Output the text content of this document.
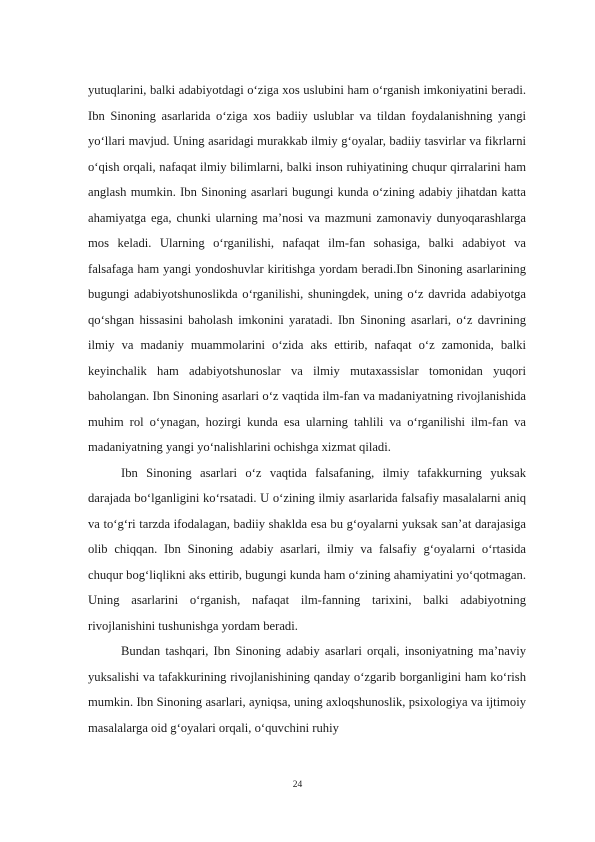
yutuqlarini, balki adabiyotdagi o‘ziga xos uslubini ham o‘rganish imkoniyatini beradi. Ibn Sinoning asarlarida o‘ziga xos badiiy uslublar va tildan foydalanishning yangi yo‘llari mavjud. Uning asaridagi murakkab ilmiy g‘oyalar, badiiy tasvirlar va fikrlarni o‘qish orqali, nafaqat ilmiy bilimlarni, balki inson ruhiyatining chuqur qirralarini ham anglash mumkin. Ibn Sinoning asarlari bugungi kunda o‘zining adabiy jihatdan katta ahamiyatga ega, chunki ularning ma’nosi va mazmuni zamonaviy dunyoqarashlarga mos keladi. Ularning o‘rganilishi, nafaqat ilm-fan sohasiga, balki adabiyot va falsafaga ham yangi yondoshuvlar kiritishga yordam beradi.Ibn Sinoning asarlarining bugungi adabiyotshunoslikda o‘rganilishi, shuningdek, uning o‘z davrida adabiyotga qo‘shgan hissasini baholash imkonini yaratadi. Ibn Sinoning asarlari, o‘z davrining ilmiy va madaniy muammolarini o‘zida aks ettirib, nafaqat o‘z zamonida, balki keyinchalik ham adabiyotshunoslar va ilmiy mutaxassislar tomonidan yuqori baholangan. Ibn Sinoning asarlari o‘z vaqtida ilm-fan va madaniyatning rivojlanishida muhim rol o‘ynagan, hozirgi kunda esa ularning tahlili va o‘rganilishi ilm-fan va madaniyatning yangi yo‘nalishlarini ochishga xizmat qiladi.

Ibn Sinoning asarlari o‘z vaqtida falsafaning, ilmiy tafakkurning yuksak darajada bo‘lganligini ko‘rsatadi. U o‘zining ilmiy asarlarida falsafiy masalalarni aniq va to‘g‘ri tarzda ifodalagan, badiiy shaklda esa bu g‘oyalarni yuksak san’at darajasiga olib chiqqan. Ibn Sinoning adabiy asarlari, ilmiy va falsafiy g‘oyalarni o‘rtasida chuqur bog‘liqlikni aks ettirib, bugungi kunda ham o‘zining ahamiyatini yo‘qotmagan. Uning asarlarini o‘rganish, nafaqat ilm-fanning tarixini, balki adabiyotning rivojlanishini tushunishga yordam beradi.

Bundan tashqari, Ibn Sinoning adabiy asarlari orqali, insoniyatning ma’naviy yuksalishi va tafakkurining rivojlanishining qanday o‘zgarib borganligini ham ko‘rish mumkin. Ibn Sinoning asarlari, ayniqsa, uning axloqshunoslik, psixologiya va ijtimoiy masalalarga oid g‘oyalari orqali, o‘quvchini ruhiy

24
